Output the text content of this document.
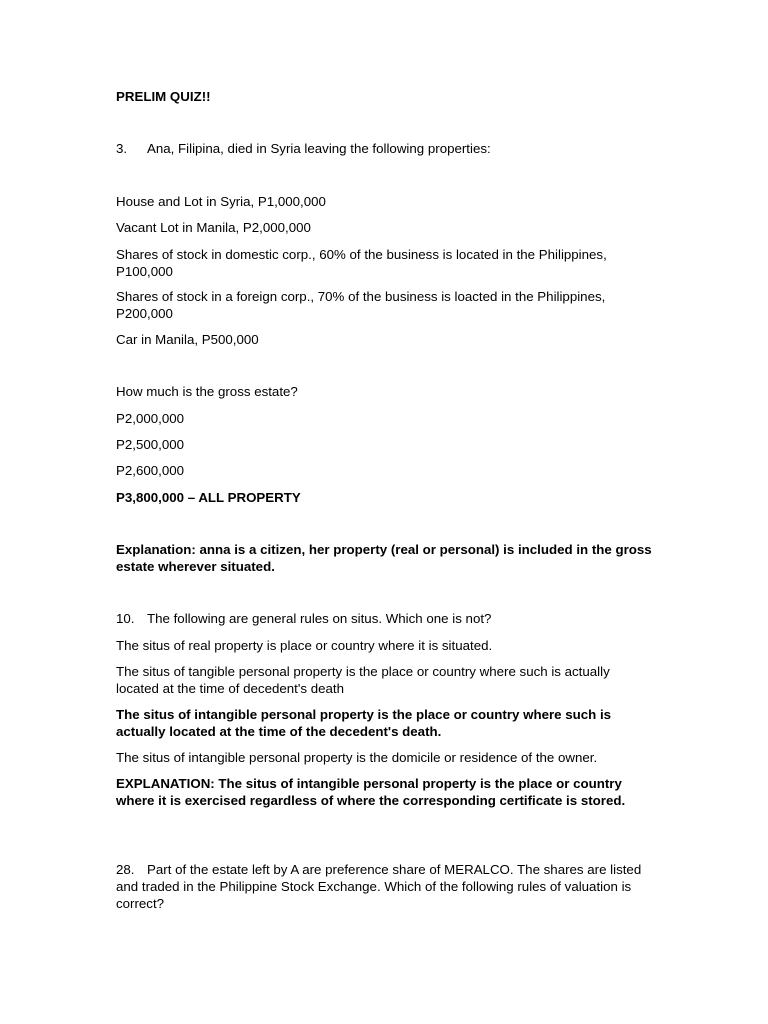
PRELIM QUIZ!!

3. Ana, Filipina, died in Syria leaving the following properties:

House and Lot in Syria, P1,000,000

Vacant Lot in Manila, P2,000,000

Shares of stock in domestic corp., 60% of the business is located in the Philippines, P100,000

Shares of stock in a foreign corp., 70% of the business is loacted in the Philippines, P200,000

Car in Manila, P500,000

How much is the gross estate?

P2,000,000

P2,500,000

P2,600,000

P3,800,000 – ALL PROPERTY

Explanation: anna is a citizen, her property (real or personal) is included in the gross estate wherever situated.

10. The following are general rules on situs. Which one is not?

The situs of real property is place or country where it is situated.

The situs of tangible personal property is the place or country where such is actually located at the time of decedent's death

The situs of intangible personal property is the place or country where such is actually located at the time of the decedent's death.

The situs of intangible personal property is the domicile or residence of the owner.

EXPLANATION: The situs of intangible personal property is the place or country where it is exercised regardless of where the corresponding certificate is stored.

28. Part of the estate left by A are preference share of MERALCO. The shares are listed and traded in the Philippine Stock Exchange. Which of the following rules of valuation is correct?
